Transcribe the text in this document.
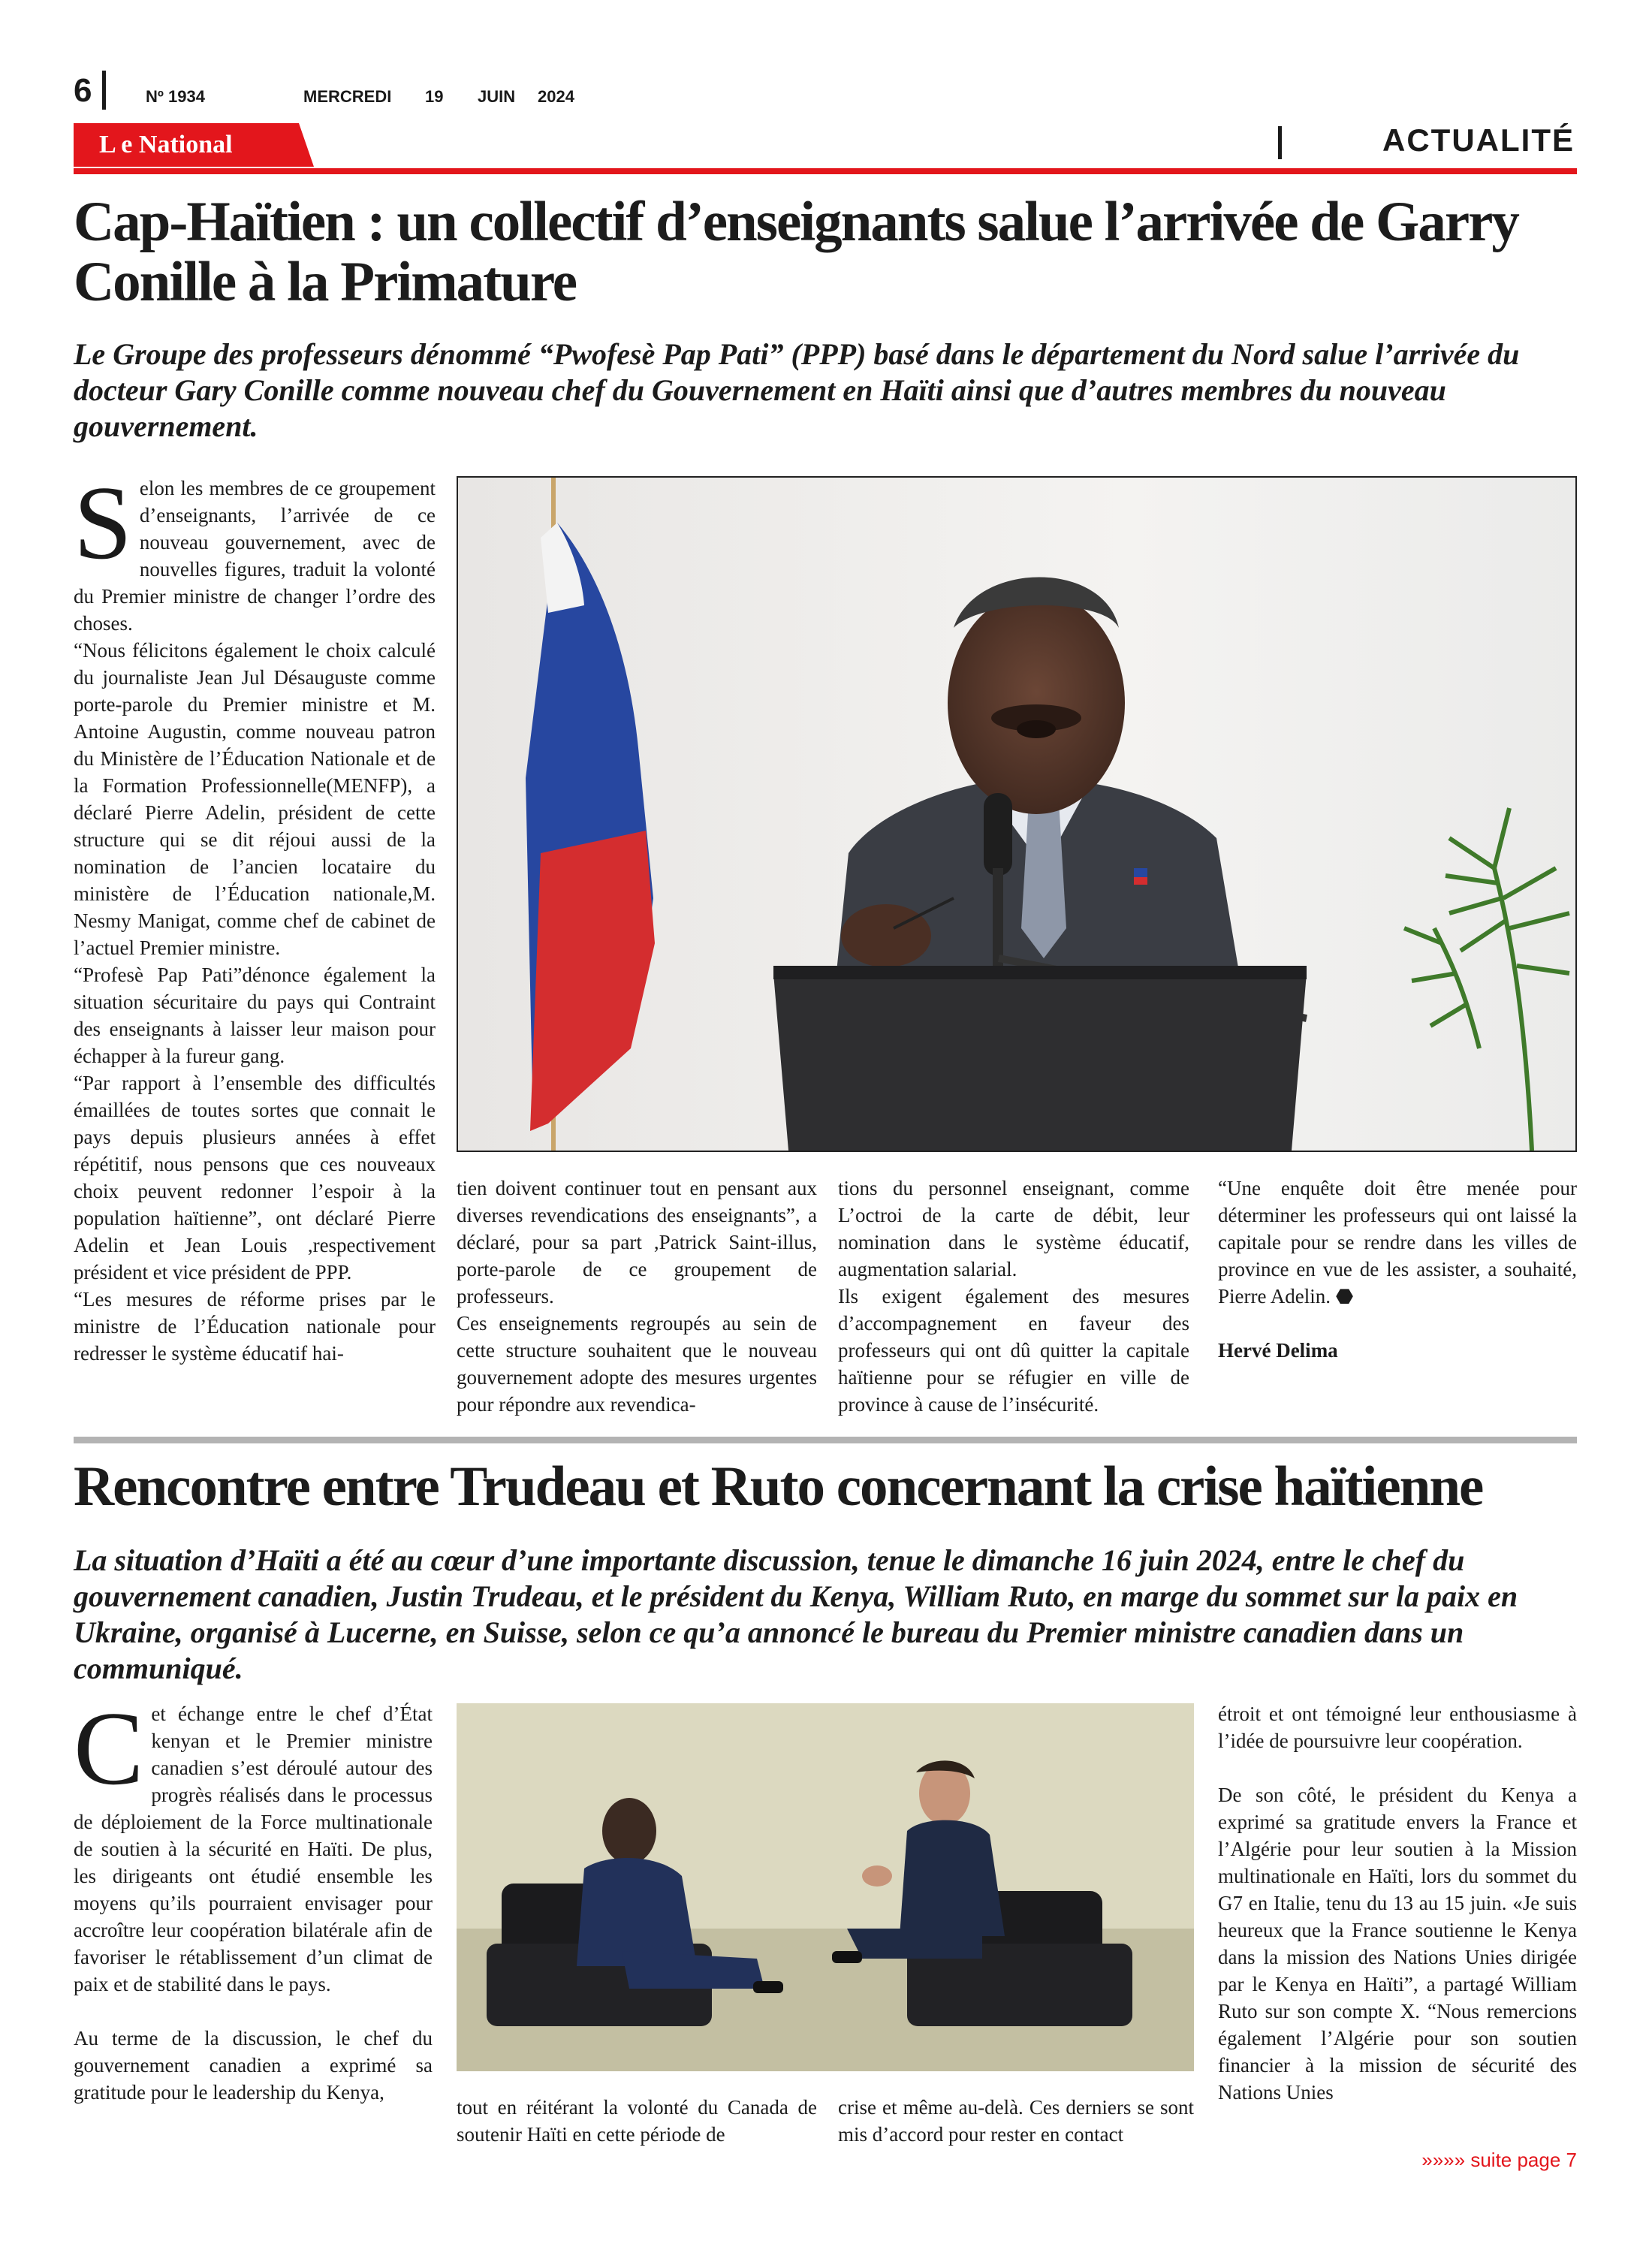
6	Nº 1934	MERCREDI 19 JUIN 2024
L e National	ACTUALITÉ
Cap-Haïtien : un collectif d’enseignants salue l’arrivée de Garry
Conille à la Primature

Le Groupe des professeurs dénommé “Pwofesè Pap Pati” (PPP) basé dans le département du Nord salue l’arrivée du docteur Gary Conille comme nouveau chef du Gouvernement en Haïti ainsi que d’autres membres du nouveau gouvernement.

S elon les membres de ce groupement d’enseignants, l’arrivée de ce nouveau gouvernement, avec de nouvelles figures, traduit la volonté du Premier ministre de changer l’ordre des choses.

“Nous félicitons également le choix calculé du journaliste Jean Jul Désauguste comme porte-parole du Premier ministre et M. Antoine Augustin, comme nouveau patron du Ministère de l’Éducation Nationale et de la Formation Professionnelle(MENFP), a déclaré Pierre Adelin, président de cette structure qui se dit réjoui aussi de la nomination de l’ancien locataire du ministère de l’Éducation nationale,M. Nesmy Manigat, comme chef de cabinet de l’actuel Premier ministre.

“Profesè Pap Pati”dénonce également la situation sécuritaire du pays qui Contraint des enseignants à laisser leur maison pour échapper à la fureur gang.

“Par rapport à l’ensemble des difficultés émaillées de toutes sortes que connait le pays depuis plusieurs années à effet répétitif, nous pensons que ces nouveaux choix peuvent redonner l’espoir à la population haïtienne”, ont déclaré Pierre Adelin et Jean Louis ,respectivement président et vice président de PPP.

“Les mesures de réforme prises par le ministre de l’Éducation nationale pour redresser le système éducatif hai-

tien doivent continuer tout en pensant aux diverses revendications des enseignants”, a déclaré, pour sa part ,Patrick Saint-illus, porte-parole de ce groupement de professeurs.

Ces enseignements regroupés au sein de cette structure souhaitent que le nouveau gouvernement adopte des mesures urgentes pour répondre aux revendica-

tions du personnel enseignant, comme L’octroi de la carte de débit, leur nomination dans le système éducatif, augmentation salarial.

Ils exigent également des mesures d’accompagnement en faveur des professeurs qui ont dû quitter la capitale haïtienne pour se réfugier en ville de province à cause de l’insécurité.

“Une enquête doit être menée pour déterminer les professeurs qui ont laissé la capitale pour se rendre dans les villes de province en vue de les assister, a souhaité, Pierre Adelin. ⬣

Hervé Delima

Rencontre entre Trudeau et Ruto concernant la crise haïtienne

La situation d’Haïti a été au cœur d’une importante discussion, tenue le dimanche 16 juin 2024, entre le chef du gouvernement canadien, Justin Trudeau, et le président du Kenya, William Ruto, en marge du sommet sur la paix en Ukraine, organisé à Lucerne, en Suisse, selon ce qu’a annoncé le bureau du Premier ministre canadien dans un communiqué.

C et échange entre le chef d’État kenyan et le Premier ministre canadien s’est déroulé autour des progrès réalisés dans le processus de déploiement de la Force multinationale de soutien à la sécurité en Haïti. De plus, les dirigeants ont étudié ensemble les moyens qu’ils pourraient envisager pour accroître leur coopération bilatérale afin de favoriser le rétablissement d’un climat de paix et de stabilité dans le pays.

Au terme de la discussion, le chef du gouvernement canadien a exprimé sa gratitude pour le leadership du Kenya,

tout en réitérant la volonté du Canada de soutenir Haïti en cette période de

crise et même au-delà. Ces derniers se sont mis d’accord pour rester en contact

étroit et ont témoigné leur enthousiasme à l’idée de poursuivre leur coopération.

De son côté, le président du Kenya a exprimé sa gratitude envers la France et l’Algérie pour leur soutien à la Mission multinationale en Haïti, lors du sommet du G7 en Italie, tenu du 13 au 15 juin. «Je suis heureux que la France soutienne le Kenya dans la mission des Nations Unies dirigée par le Kenya en Haïti”, a partagé William Ruto sur son compte X. “Nous remercions également l’Algérie pour son soutien financier à la mission de sécurité des Nations Unies

»»»» suite page 7
